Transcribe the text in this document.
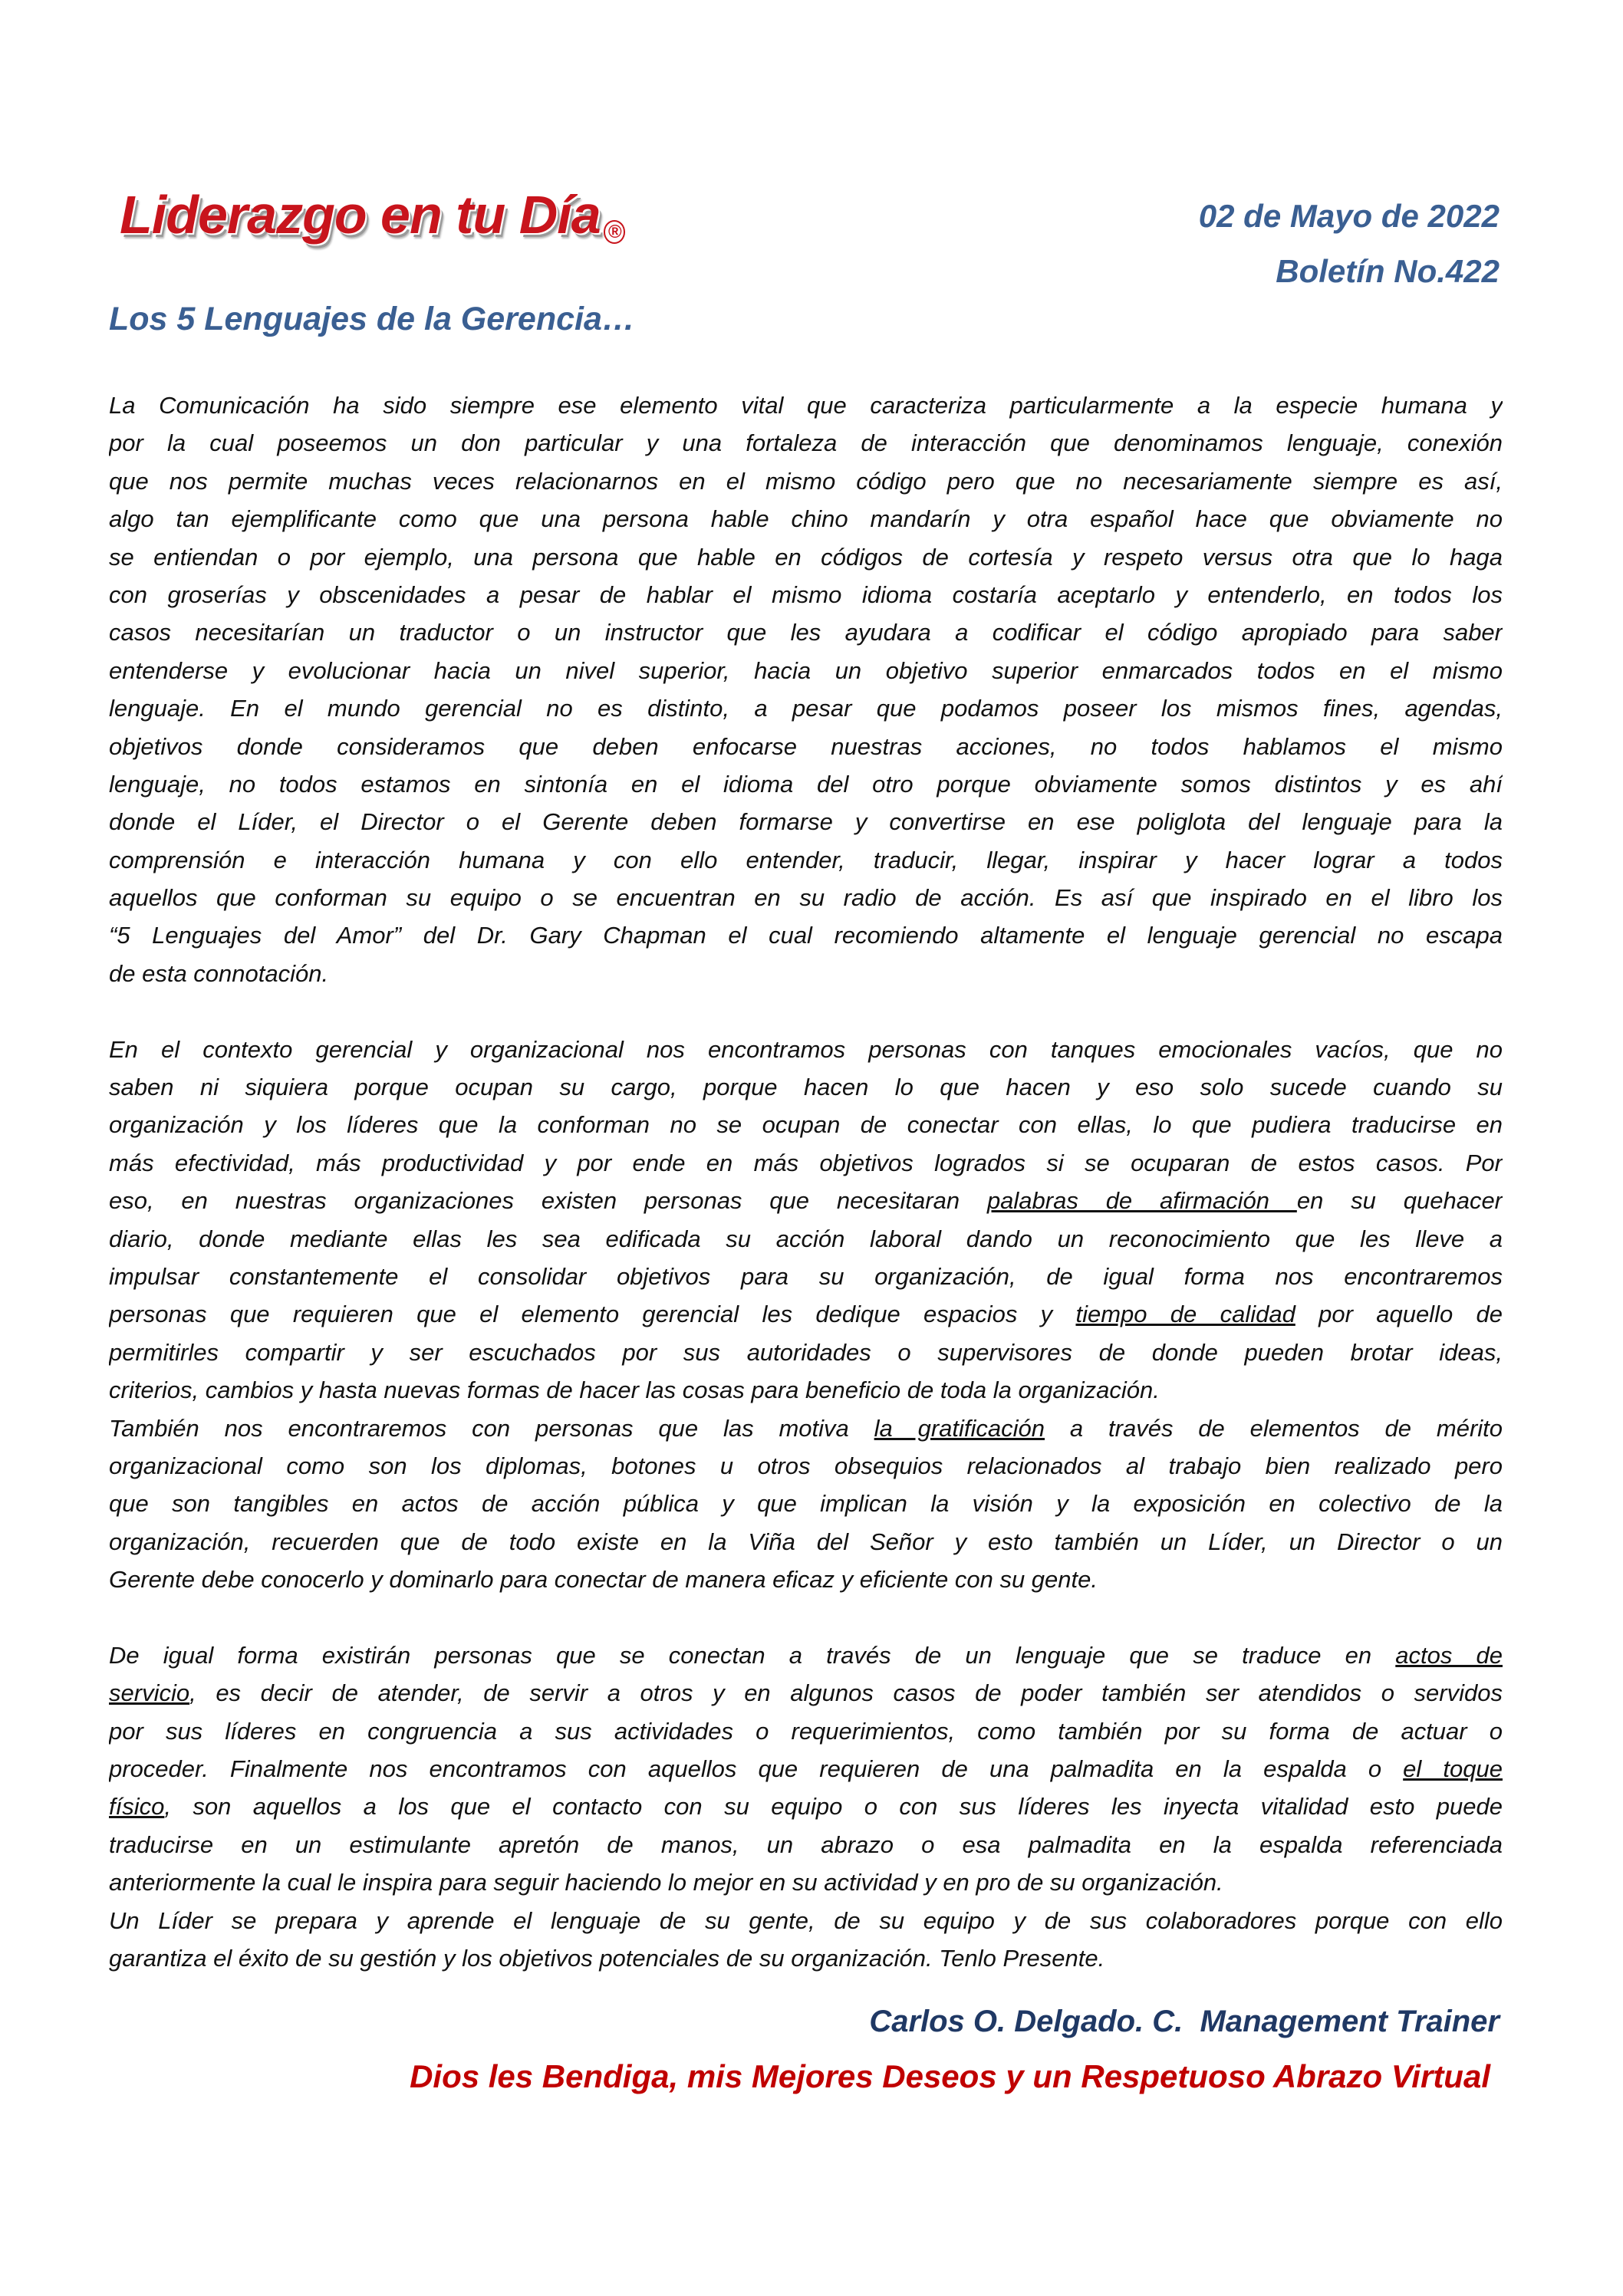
Liderazgo en tu Día ®	02 de Mayo de 2022
Boletín No.422
Los 5 Lenguajes de la Gerencia…
La Comunicación ha sido siempre ese elemento vital que caracteriza particularmente a la especie humana y
por la cual poseemos un don particular y una fortaleza de interacción que denominamos lenguaje, conexión
que nos permite muchas veces relacionarnos en el mismo código pero que no necesariamente siempre es así,
algo tan ejemplificante como que una persona hable chino mandarín y otra español hace que obviamente no
se entiendan o por ejemplo, una persona que hable en códigos de cortesía y respeto versus otra que lo haga
con groserías y obscenidades a pesar de hablar el mismo idioma costaría aceptarlo y entenderlo, en todos los
casos necesitarían un traductor o un instructor que les ayudara a codificar el código apropiado para saber
entenderse y evolucionar hacia un nivel superior, hacia un objetivo superior enmarcados todos en el mismo
lenguaje. En el mundo gerencial no es distinto, a pesar que podamos poseer los mismos fines, agendas,
objetivos donde consideramos que deben enfocarse nuestras acciones, no todos hablamos el mismo
lenguaje, no todos estamos en sintonía en el idioma del otro porque obviamente somos distintos y es ahí
donde el Líder, el Director o el Gerente deben formarse y convertirse en ese poliglota del lenguaje para la
comprensión e interacción humana y con ello entender, traducir, llegar, inspirar y hacer lograr a todos
aquellos que conforman su equipo o se encuentran en su radio de acción. Es así que inspirado en el libro los
“5 Lenguajes del Amor” del Dr. Gary Chapman el cual recomiendo altamente el lenguaje gerencial no escapa
de esta connotación.
En el contexto gerencial y organizacional nos encontramos personas con tanques emocionales vacíos, que no
saben ni siquiera porque ocupan su cargo, porque hacen lo que hacen y eso solo sucede cuando su
organización y los líderes que la conforman no se ocupan de conectar con ellas, lo que pudiera traducirse en
más efectividad, más productividad y por ende en más objetivos logrados si se ocuparan de estos casos. Por
eso, en nuestras organizaciones existen personas que necesitaran palabras de afirmación en su quehacer
diario, donde mediante ellas les sea edificada su acción laboral dando un reconocimiento que les lleve a
impulsar constantemente el consolidar objetivos para su organización, de igual forma nos encontraremos
personas que requieren que el elemento gerencial les dedique espacios y tiempo de calidad por aquello de
permitirles compartir y ser escuchados por sus autoridades o supervisores de donde pueden brotar ideas,
criterios, cambios y hasta nuevas formas de hacer las cosas para beneficio de toda la organización.
También nos encontraremos con personas que las motiva la gratificación a través de elementos de mérito
organizacional como son los diplomas, botones u otros obsequios relacionados al trabajo bien realizado pero
que son tangibles en actos de acción pública y que implican la visión y la exposición en colectivo de la
organización, recuerden que de todo existe en la Viña del Señor y esto también un Líder, un Director o un
Gerente debe conocerlo y dominarlo para conectar de manera eficaz y eficiente con su gente.
De igual forma existirán personas que se conectan a través de un lenguaje que se traduce en actos de
servicio, es decir de atender, de servir a otros y en algunos casos de poder también ser atendidos o servidos
por sus líderes en congruencia a sus actividades o requerimientos, como también por su forma de actuar o
proceder. Finalmente nos encontramos con aquellos que requieren de una palmadita en la espalda o el toque
físico, son aquellos a los que el contacto con su equipo o con sus líderes les inyecta vitalidad esto puede
traducirse en un estimulante apretón de manos, un abrazo o esa palmadita en la espalda referenciada
anteriormente la cual le inspira para seguir haciendo lo mejor en su actividad y en pro de su organización.
Un Líder se prepara y aprende el lenguaje de su gente, de su equipo y de sus colaboradores porque con ello
garantiza el éxito de su gestión y los objetivos potenciales de su organización. Tenlo Presente.
Carlos O. Delgado. C.  Management Trainer
Dios les Bendiga, mis Mejores Deseos y un Respetuoso Abrazo Virtual
